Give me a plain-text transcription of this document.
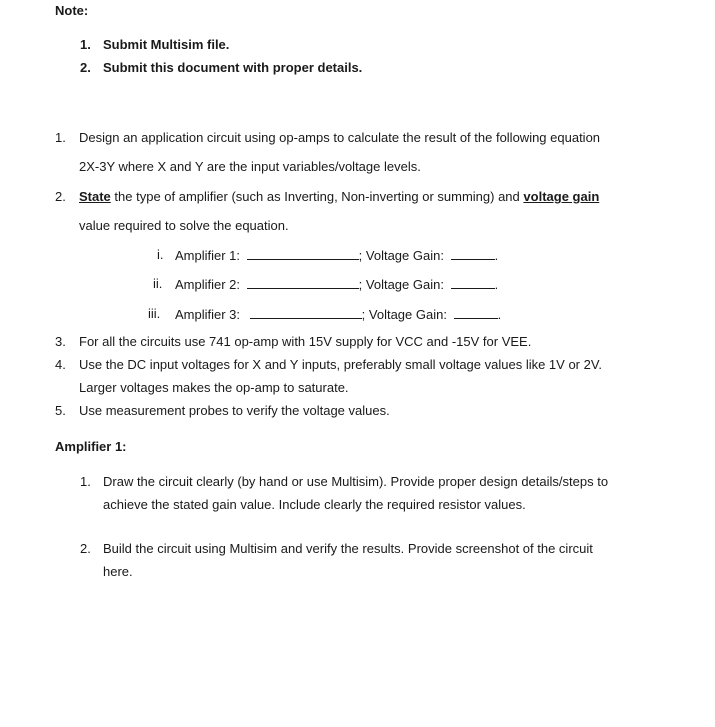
Note:
1. Submit Multisim file.
2. Submit this document with proper details.
1. Design an application circuit using op-amps to calculate the result of the following equation
2X-3Y where X and Y are the input variables/voltage levels.
2. State the type of amplifier (such as Inverting, Non-inverting or summing) and voltage gain
value required to solve the equation.
i. Amplifier 1:	; Voltage Gain:	.
ii. Amplifier 2:	; Voltage Gain:	.
iii. Amplifier 3:	; Voltage Gain:	.
3. For all the circuits use 741 op-amp with 15V supply for VCC and -15V for VEE.
4. Use the DC input voltages for X and Y inputs, preferably small voltage values like 1V or 2V.
Larger voltages makes the op-amp to saturate.
5. Use measurement probes to verify the voltage values.
Amplifier 1:
1. Draw the circuit clearly (by hand or use Multisim). Provide proper design details/steps to
achieve the stated gain value. Include clearly the required resistor values.
2. Build the circuit using Multisim and verify the results. Provide screenshot of the circuit
here.
